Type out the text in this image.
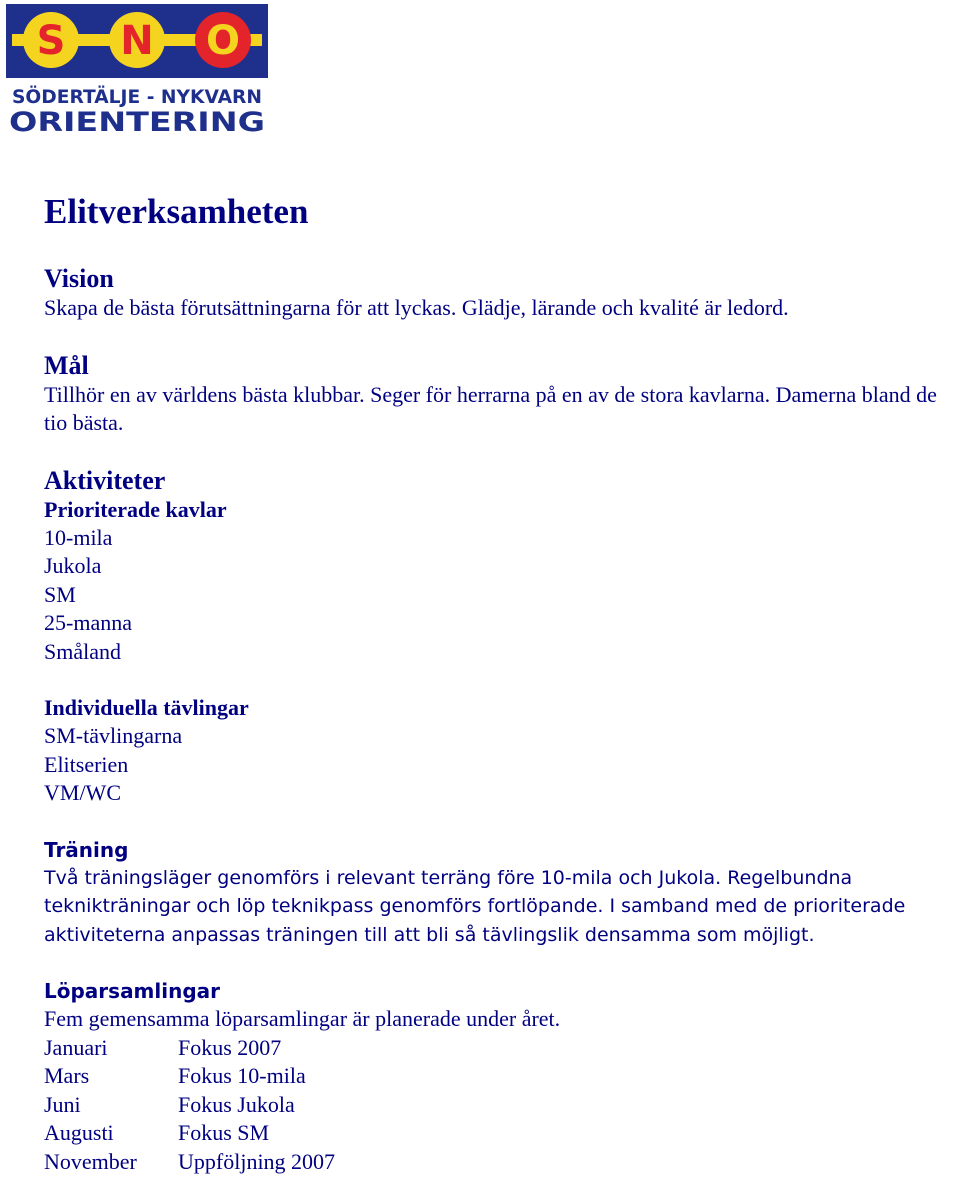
S N O
SÖDERTÄLJE - NYKVARN
ORIENTERING
Elitverksamheten
Vision

Skapa de bästa förutsättningarna för att lyckas. Glädje, lärande och kvalité är ledord.

Mål

Tillhör en av världens bästa klubbar. Seger för herrarna på en av de stora kavlarna. Damerna bland de tio bästa.

Aktiviteter
Prioriterade kavlar
10-mila
Jukola
SM
25-manna
Småland
Individuella tävlingar
SM-tävlingarna
Elitserien
VM/WC
Träning

Två träningsläger genomförs i relevant terräng före 10-mila och Jukola. Regelbundna teknikträningar och löp teknikpass genomförs fortlöpande. I samband med de prioriterade aktiviteterna anpassas träningen till att bli så tävlingslik densamma som möjligt.

Löparsamlingar

Fem gemensamma löparsamlingar är planerade under året.

Januari	Fokus 2007
Mars	Fokus 10-mila
Juni	Fokus Jukola
Augusti	Fokus SM
November	Uppföljning 2007
